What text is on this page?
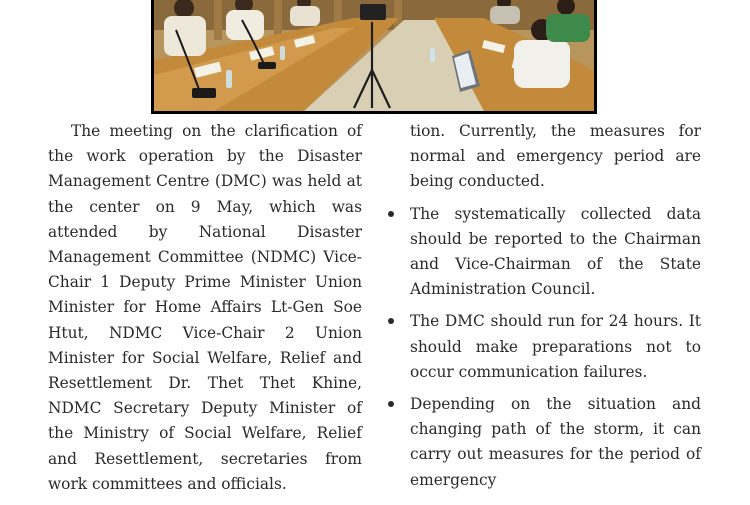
The meeting on the clarification of the work operation by the Disaster Management Centre (DMC) was held at the center on 9 May, which was attended by National Disaster Management Committee (NDMC) Vice-Chair 1 Deputy Prime Minister Union Minister for Home Affairs Lt-Gen Soe Htut, NDMC Vice-Chair 2 Union Minister for Social Welfare, Relief and Resettlement Dr. Thet Thet Khine, NDMC Secretary Deputy Minister of the Ministry of Social Welfare, Relief and Resettlement, secretaries from work committees and officials.

tion. Currently, the measures for normal and emergency period are being conducted.

The systematically collected data should be reported to the Chairman and Vice-Chairman of the State Administration Council.
The DMC should run for 24 hours. It should make preparations not to occur communication failures.
Depending on the situation and changing path of the storm, it can carry out measures for the period of emergency
